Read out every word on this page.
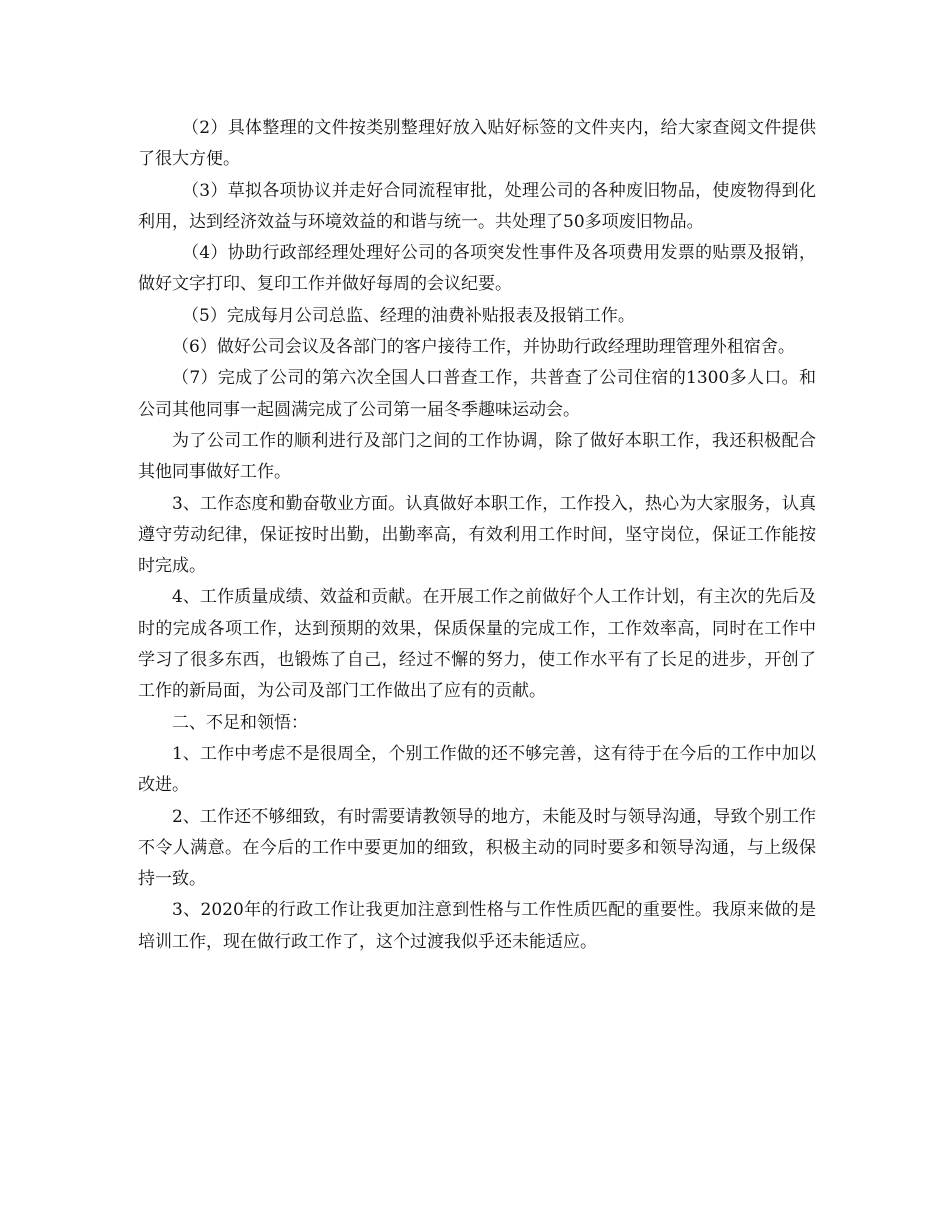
（2）具体整理的文件按类别整理好放入贴好标签的文件夹内，给大家查阅文件提供了很大方便。

（3）草拟各项协议并走好合同流程审批，处理公司的各种废旧物品，使废物得到化利用，达到经济效益与环境效益的和谐与统一。共处理了50多项废旧物品。

（4）协助行政部经理处理好公司的各项突发性事件及各项费用发票的贴票及报销，做好文字打印、复印工作并做好每周的会议纪要。

（5）完成每月公司总监、经理的油费补贴报表及报销工作。

（6）做好公司会议及各部门的客户接待工作，并协助行政经理助理管理外租宿舍。

（7）完成了公司的第六次全国人口普查工作，共普查了公司住宿的1300多人口。和公司其他同事一起圆满完成了公司第一届冬季趣味运动会。

为了公司工作的顺利进行及部门之间的工作协调，除了做好本职工作，我还积极配合其他同事做好工作。

3、工作态度和勤奋敬业方面。认真做好本职工作，工作投入，热心为大家服务，认真遵守劳动纪律，保证按时出勤，出勤率高，有效利用工作时间，坚守岗位，保证工作能按时完成。

4、工作质量成绩、效益和贡献。在开展工作之前做好个人工作计划，有主次的先后及时的完成各项工作，达到预期的效果，保质保量的完成工作，工作效率高，同时在工作中学习了很多东西，也锻炼了自己，经过不懈的努力，使工作水平有了长足的进步，开创了工作的新局面，为公司及部门工作做出了应有的贡献。

二、不足和领悟：

1、工作中考虑不是很周全，个别工作做的还不够完善，这有待于在今后的工作中加以改进。

2、工作还不够细致，有时需要请教领导的地方，未能及时与领导沟通，导致个别工作不令人满意。在今后的工作中要更加的细致，积极主动的同时要多和领导沟通，与上级保持一致。

3、2020年的行政工作让我更加注意到性格与工作性质匹配的重要性。我原来做的是培训工作，现在做行政工作了，这个过渡我似乎还未能适应。
